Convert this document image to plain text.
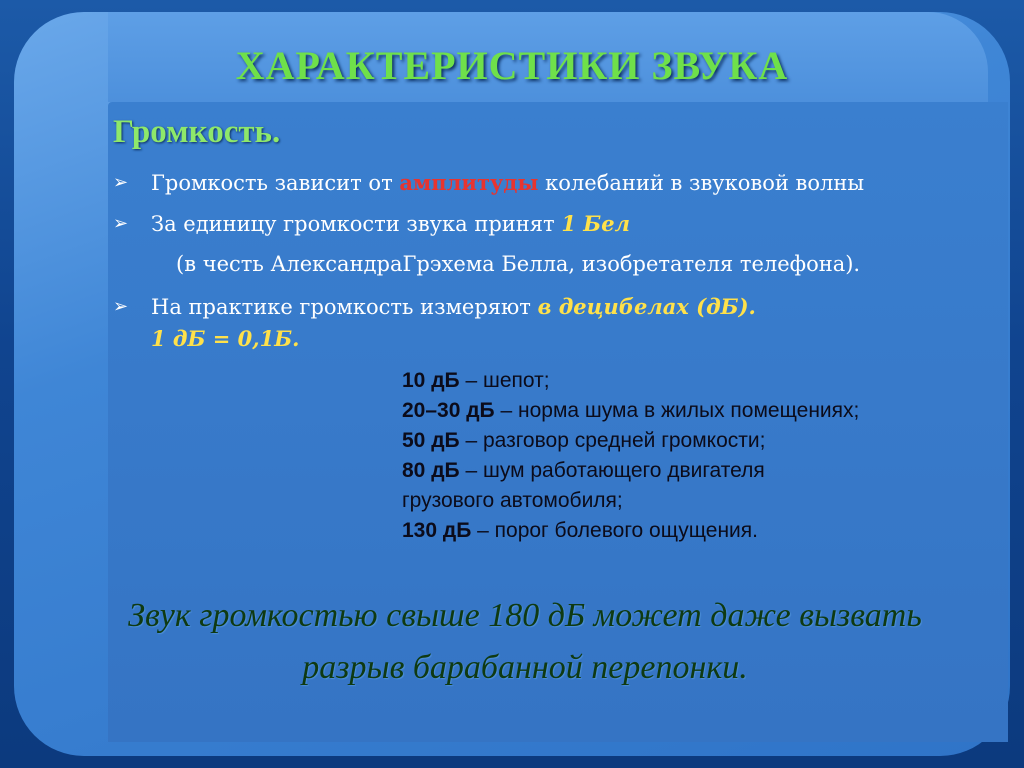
ХАРАКТЕРИСТИКИ ЗВУКА
Громкость.
➢ Громкость зависит от амплитуды колебаний в звуковой волны
➢ За единицу громкости звука принят 1 Бел
(в честь АлександраГрэхема Белла, изобретателя телефона).
➢ На практике громкость измеряют в децибелах (дБ).
1 дБ = 0,1Б.
10 дБ – шепот;
20–30 дБ – норма шума в жилых помещениях;
50 дБ – разговор средней громкости;
80 дБ – шум работающего двигателя грузового автомобиля;
130 дБ – порог болевого ощущения.
Звук громкостью свыше 180 дБ может даже вызвать
разрыв барабанной перепонки.
